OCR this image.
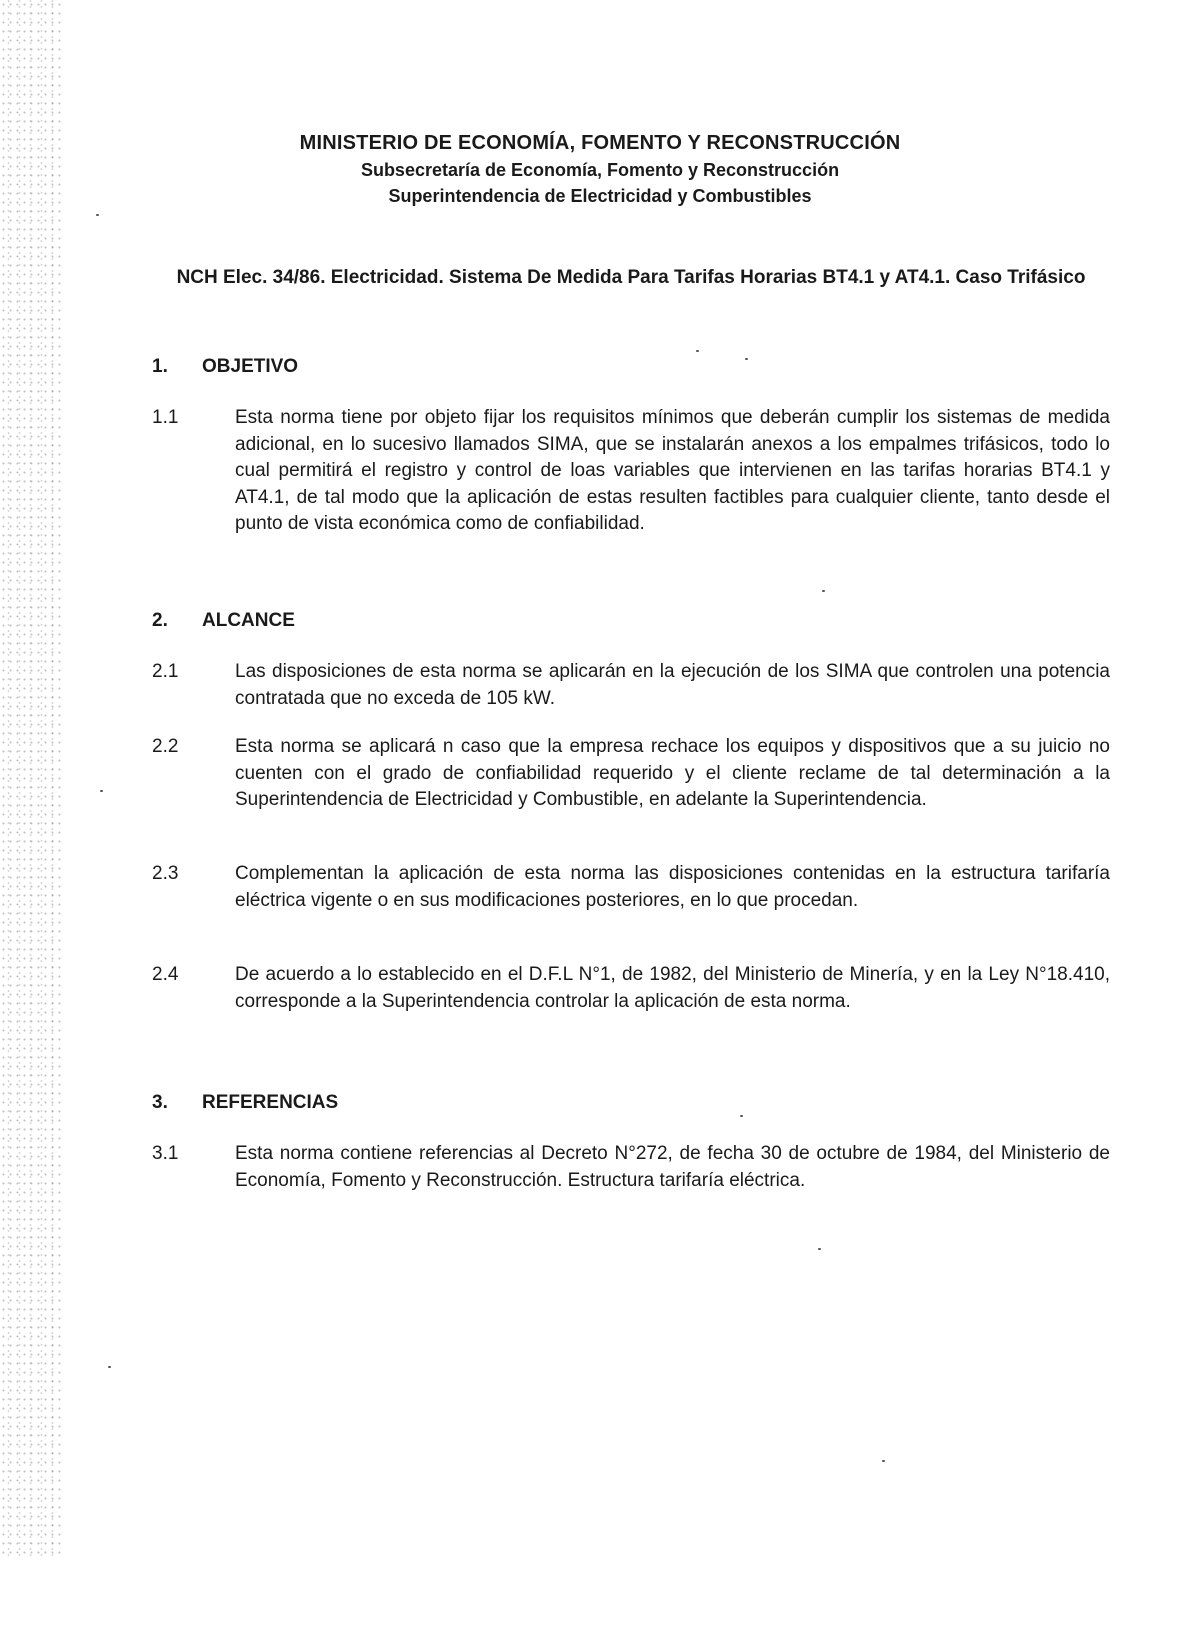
MINISTERIO DE ECONOMÍA, FOMENTO Y RECONSTRUCCIÓN
Subsecretaría de Economía, Fomento y Reconstrucción
Superintendencia de Electricidad y Combustibles
NCH Elec. 34/86. Electricidad. Sistema De Medida Para Tarifas Horarias BT4.1 y AT4.1. Caso Trifásico
1. OBJETIVO
1.1	Esta norma tiene por objeto fijar los requisitos mínimos que deberán cumplir los sistemas de medida adicional, en lo sucesivo llamados SIMA, que se instalarán anexos a los empalmes trifásicos, todo lo cual permitirá el registro y control de loas variables que intervienen en las tarifas horarias BT4.1 y AT4.1, de tal modo que la aplicación de estas resulten factibles para cualquier cliente, tanto desde el punto de vista económica como de confiabilidad.
2. ALCANCE
2.1	Las disposiciones de esta norma se aplicarán en la ejecución de los SIMA que controlen una potencia contratada que no exceda de 105 kW.
2.2	Esta norma se aplicará n caso que la empresa rechace los equipos y dispositivos que a su juicio no cuenten con el grado de confiabilidad requerido y el cliente reclame de tal determinación a la Superintendencia de Electricidad y Combustible, en adelante la Superintendencia.
2.3	Complementan la aplicación de esta norma las disposiciones contenidas en la estructura tarifaría eléctrica vigente o en sus modificaciones posteriores, en lo que procedan.
2.4	De acuerdo a lo establecido en el D.F.L N°1, de 1982, del Ministerio de Minería, y en la Ley N°18.410, corresponde a la Superintendencia controlar la aplicación de esta norma.
3. REFERENCIAS
3.1	Esta norma contiene referencias al Decreto N°272, de fecha 30 de octubre de 1984, del Ministerio de Economía, Fomento y Reconstrucción. Estructura tarifaría eléctrica.
